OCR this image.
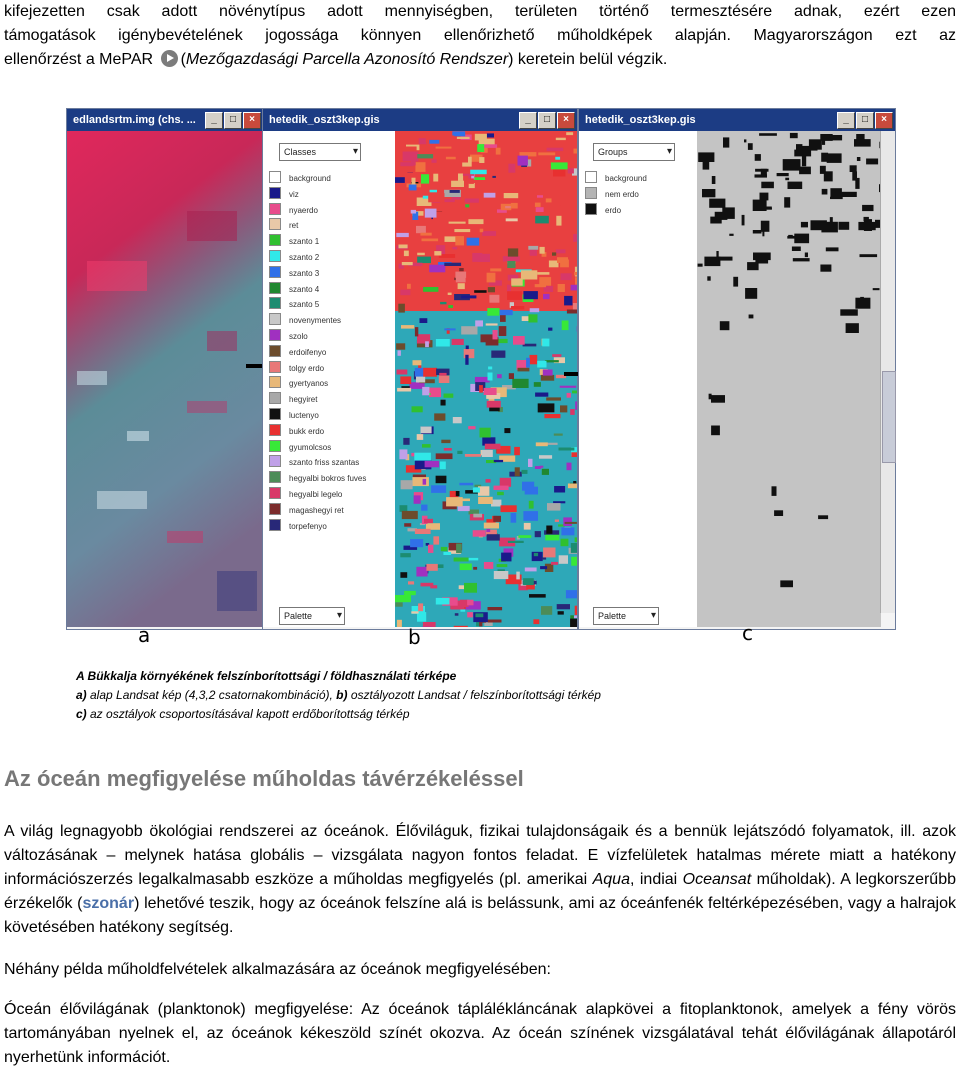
kifejezetten csak adott növénytípus adott mennyiségben, területen történő termesztésére adnak, ezért ezen
támogatások igénybevételének jogossága könnyen ellenőrizhető műholdképek alapján. Magyarországon ezt az
ellenőrzést a MePAR (Mezőgazdasági Parcella Azonosító Rendszer) keretein belül végzik.
edlandsrtm.img (chs. ...	_	□	×	hetedik_oszt3kep.gis	_	□	×
Classes ▾
background
viz
nyaerdo
ret
szanto 1
szanto 2
szanto 3
szanto 4
szanto 5
noveny​mentes
szolo
erdoifenyo
tolgy erdo
gyertyanos
hegyiret
luctenyo
bukk erdo
gyumolcsos
szanto friss szantas
hegyalbi bokros fuves
hegyalbi legelo
magashegyi ret
torpefenyo
Palette ▾
hetedik_oszt3kep.gis	_	□	×
Groups ▾
background
nem erdo
erdo
Palette ▾
a	b	c
A Bükkalja környékének felszínborítottsági / földhasználati térképe
a) alap Landsat kép (4,3,2 csatornakombináció), b) osztályozott Landsat / felszínborítottsági térkép
c) az osztályok csoportosításával kapott erdőborítottság térkép
Az óceán megfigyelése műholdas távérzékeléssel

A világ legnagyobb ökológiai rendszerei az óceánok. Élőviláguk, fizikai tulajdonságaik és a bennük lejátszódó folyamatok, ill. azok változásának – melynek hatása globális – vizsgálata nagyon fontos feladat. E vízfelületek hatalmas mérete miatt a hatékony információszerzés legalkalmasabb eszköze a műholdas megfigyelés (pl. amerikai Aqua, indiai Oceansat műholdak). A legkorszerűbb érzékelők (szonár) lehetővé teszik, hogy az óceánok felszíne alá is belássunk, ami az óceánfenék feltérképezésében, vagy a halrajok követésében hatékony segítség.

Néhány példa műholdfelvételek alkalmazására az óceánok megfigyelésében:

Óceán élővilágának (planktonok) megfigyelése: Az óceánok táplálékláncának alapkövei a fitoplanktonok, amelyek a fény vörös tartományában nyelnek el, az óceánok kékeszöld színét okozva. Az óceán színének vizsgálatával tehát élővilágának állapotáról nyerhetünk információt.
